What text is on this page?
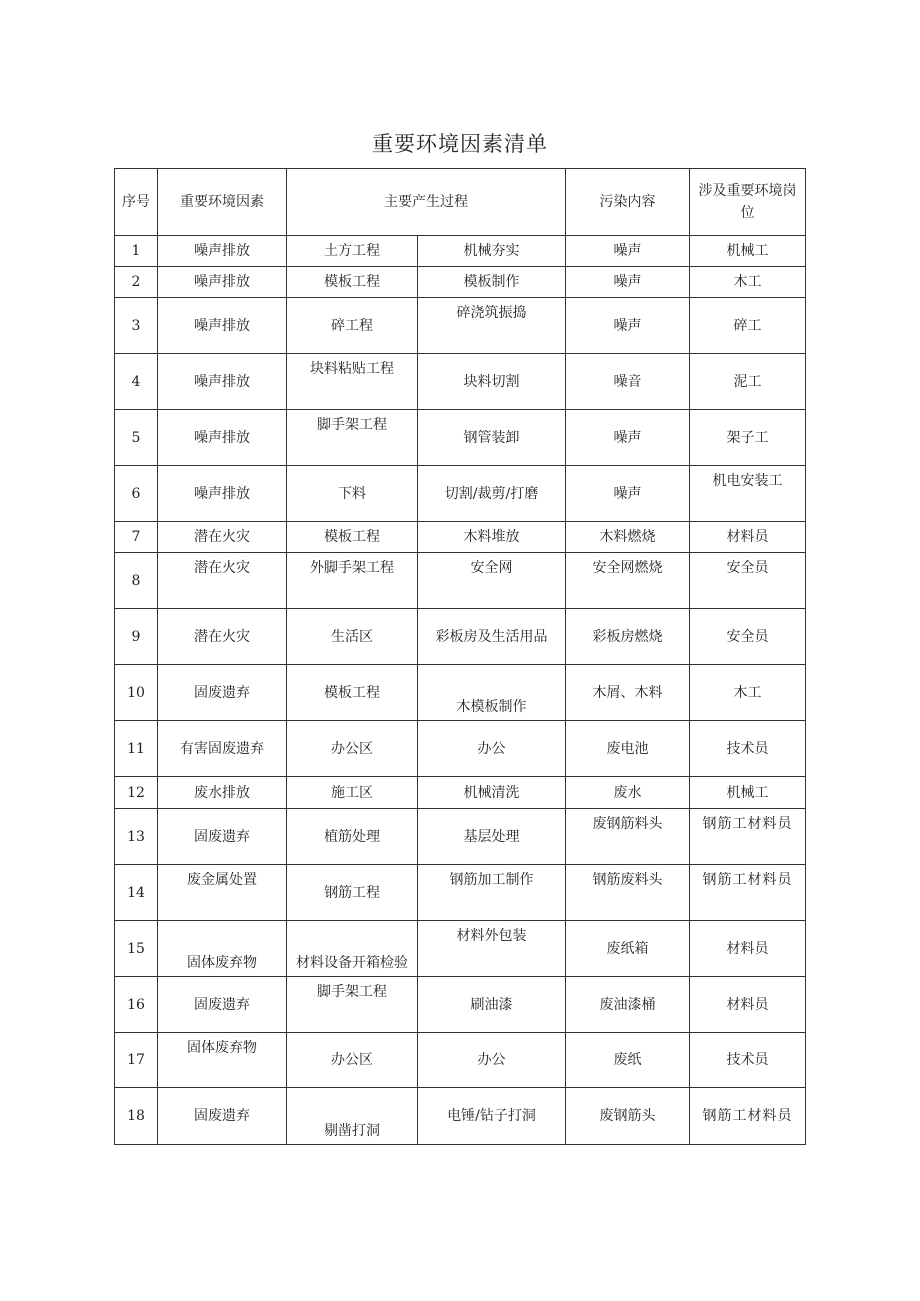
重要环境因素清单
序号	重要环境因素	主要产生过程		污染内容	涉及重要环境岗位
1	噪声排放	土方工程	机械夯实	噪声	机械工
2	噪声排放	模板工程	模板制作	噪声	木工
3	噪声排放	碎工程	碎浇筑振捣	噪声	碎工
4	噪声排放	块料粘贴工程	块料切割	噪音	泥工
5	噪声排放	脚手架工程	钢管装卸	噪声	架子工
6	噪声排放	下料	切割/裁剪/打磨	噪声	机电安装工
7	潜在火灾	模板工程	木料堆放	木料燃烧	材料员
8	潜在火灾	外脚手架工程	安全网	安全网燃烧	安全员
9	潜在火灾	生活区	彩板房及生活用品	彩板房燃烧	安全员
10	固废遗弃	模板工程	木模板制作	木屑、木料	木工
11	有害固废遗弃	办公区	办公	废电池	技术员
12	废水排放	施工区	机械清洗	废水	机械工
13	固废遗弃	植筋处理	基层处理	废钢筋料头	钢筋工材料员
14	废金属处置	钢筋工程	钢筋加工制作	钢筋废料头	钢筋工材料员
15	固体废弃物	材料设备开箱检验	材料外包装	废纸箱	材料员
16	固废遗弃	脚手架工程	刷油漆	废油漆桶	材料员
17	固体废弃物	办公区	办公	废纸	技术员
18	固废遗弃	剔凿打洞	电锤/钻子打洞	废钢筋头	钢筋工材料员
